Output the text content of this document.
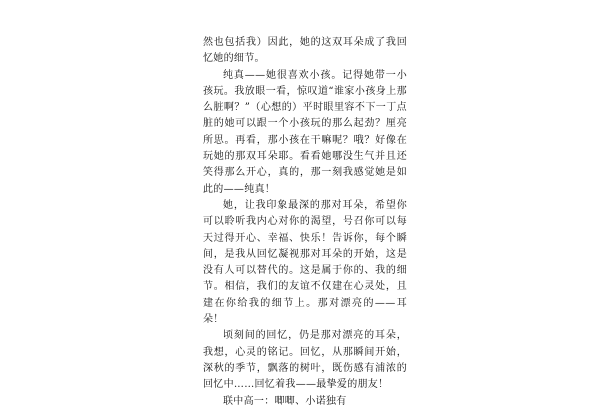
然也包括我）因此，她的这双耳朵成了我回忆她的细节。

纯真——她很喜欢小孩。记得她带一小孩玩。我放眼一看，惊叹道“谁家小孩身上那么脏啊？”（心想的）平时眼里容不下一丁点脏的她可以跟一个小孩玩的那么起劲？厘亮所思。再看，那小孩在干嘛呢？哦？好像在玩她的那双耳朵耶。看看她哪没生气并且还笑得那么开心，真的，那一刻我感觉她是如此的——纯真！

她，让我印象最深的那对耳朵，希望你可以聆听我内心对你的渴望，号召你可以每天过得开心、幸福、快乐！告诉你，每个瞬间，是我从回忆凝视那对耳朵的开始，这是没有人可以替代的。这是属于你的、我的细节。相信，我们的友谊不仅建在心灵处，且建在你给我的细节上。那对漂亮的——耳朵！

顷刻间的回忆，仍是那对漂亮的耳朵，我想，心灵的铭记。回忆，从那瞬间开始，深秋的季节，飘落的树叶，既伤感有浦浓的回忆中……回忆着我——最挚爱的朋友！

联中高一：唧唧、小诺独有
